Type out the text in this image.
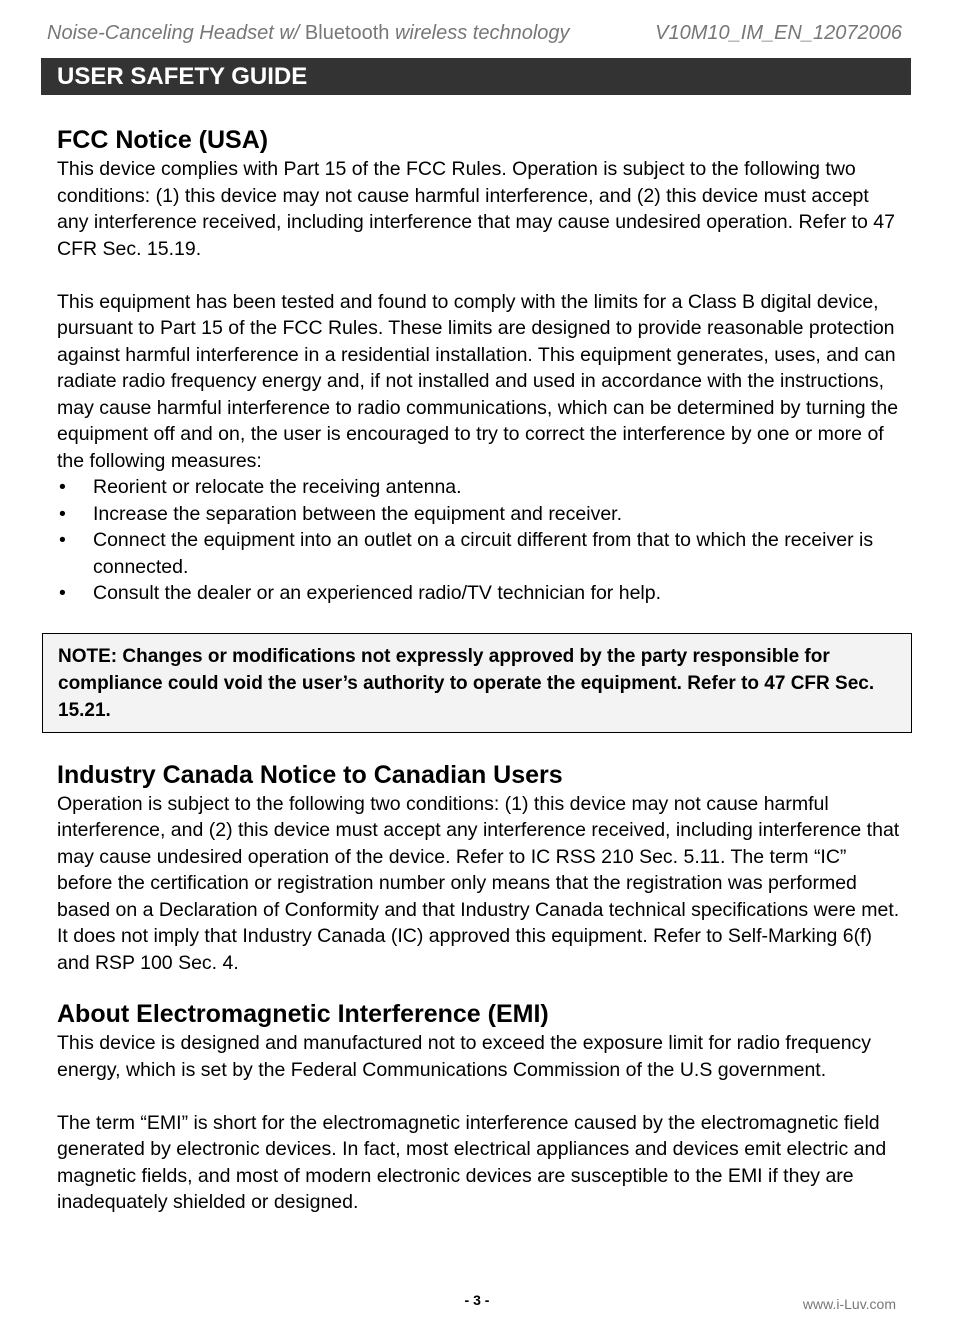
Noise-Canceling Headset w/ Bluetooth wireless technology	V10M10_IM_EN_12072006
USER SAFETY GUIDE
FCC Notice (USA)

This device complies with Part 15 of the FCC Rules. Operation is subject to the following two conditions: (1) this device may not cause harmful interference, and (2) this device must accept any interference received, including interference that may cause undesired operation. Refer to 47 CFR Sec. 15.19.

This equipment has been tested and found to comply with the limits for a Class B digital device, pursuant to Part 15 of the FCC Rules. These limits are designed to provide reasonable protection against harmful interference in a residential installation. This equipment generates, uses, and can radiate radio frequency energy and, if not installed and used in accordance with the instructions, may cause harmful interference to radio communications, which can be determined by turning the equipment off and on, the user is encouraged to try to correct the interference by one or more of the following measures:

• Reorient or relocate the receiving antenna.
• Increase the separation between the equipment and receiver.
• Connect the equipment into an outlet on a circuit different from that to which the receiver is connected.
• Consult the dealer or an experienced radio/TV technician for help.
NOTE: Changes or modifications not expressly approved by the party responsible for compliance could void the user’s authority to operate the equipment. Refer to 47 CFR Sec. 15.21.
Industry Canada Notice to Canadian Users

Operation is subject to the following two conditions: (1) this device may not cause harmful interference, and (2) this device must accept any interference received, including interference that may cause undesired operation of the device. Refer to IC RSS 210 Sec. 5.11. The term “IC” before the certification or registration number only means that the registration was performed based on a Declaration of Conformity and that Industry Canada technical specifications were met. It does not imply that Industry Canada (IC) approved this equipment. Refer to Self-Marking 6(f) and RSP 100 Sec. 4.

About Electromagnetic Interference (EMI)

This device is designed and manufactured not to exceed the exposure limit for radio frequency energy, which is set by the Federal Communications Commission of the U.S government.

The term “EMI” is short for the electromagnetic interference caused by the electromagnetic field generated by electronic devices. In fact, most electrical appliances and devices emit electric and magnetic fields, and most of modern electronic devices are susceptible to the EMI if they are inadequately shielded or designed.

- 3 -	www.i-Luv.com
